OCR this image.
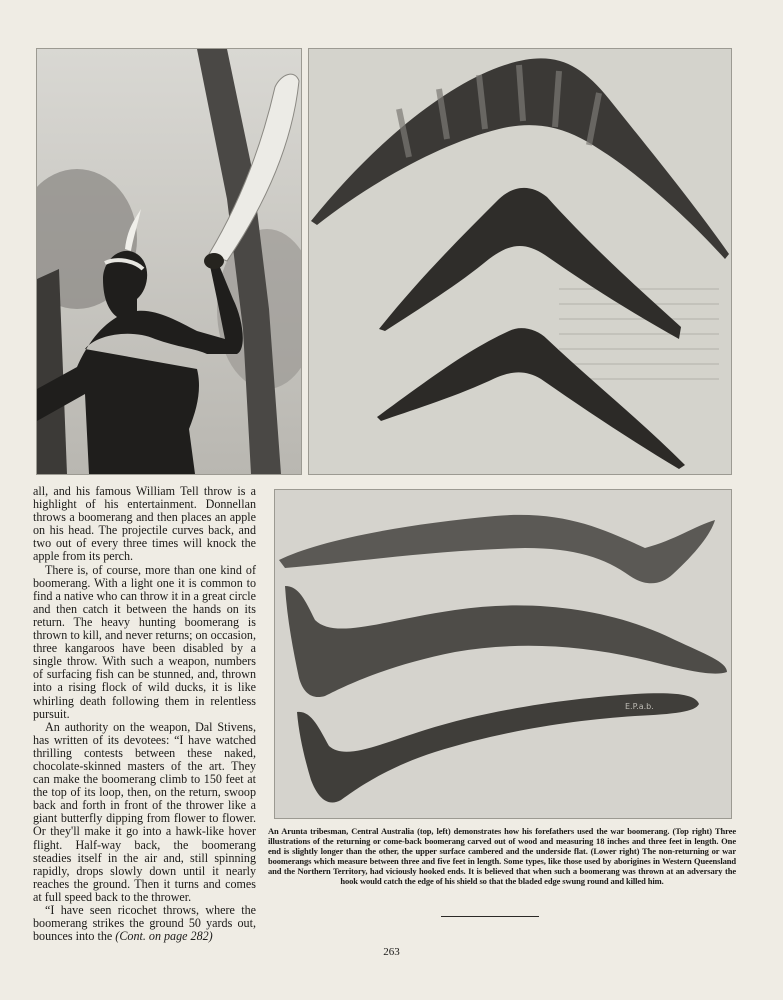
E.P.a.b.

all, and his famous William Tell throw is a highlight of his entertainment. Donnellan throws a boomerang and then places an apple on his head. The projectile curves back, and two out of every three times will knock the apple from its perch.

There is, of course, more than one kind of boomerang. With a light one it is common to find a native who can throw it in a great circle and then catch it between the hands on its return. The heavy hunting boomerang is thrown to kill, and never returns; on occasion, three kangaroos have been disabled by a single throw. With such a weapon, numbers of surfacing fish can be stunned, and, thrown into a rising flock of wild ducks, it is like whirling death following them in relentless pursuit.

An authority on the weapon, Dal Stivens, has written of its devotees: “I have watched thrilling contests between these naked, chocolate-skinned masters of the art. They can make the boomerang climb to 150 feet at the top of its loop, then, on the return, swoop back and forth in front of the thrower like a giant butterfly dipping from flower to flower. Or they'll make it go into a hawk-like hover flight. Half-way back, the boomerang steadies itself in the air and, still spinning rapidly, drops slowly down until it nearly reaches the ground. Then it turns and comes at full speed back to the thrower.

“I have seen ricochet throws, where the boomerang strikes the ground 50 yards out, bounces into the (Cont. on page 282)

An Arunta tribesman, Central Australia (top, left) demonstrates how his forefathers used the war boomerang. (Top right) Three illustrations of the returning or come-back boomerang carved out of wood and measuring 18 inches and three feet in length. One end is slightly longer than the other, the upper surface cambered and the underside flat. (Lower right) The non-returning or war boomerangs which measure between three and five feet in length. Some types, like those used by aborigines in Western Queensland and the Northern Territory, had viciously hooked ends. It is believed that when such a boomerang was thrown at an adversary the hook would catch the edge of his shield so that the bladed edge swung round and killed him.
263
